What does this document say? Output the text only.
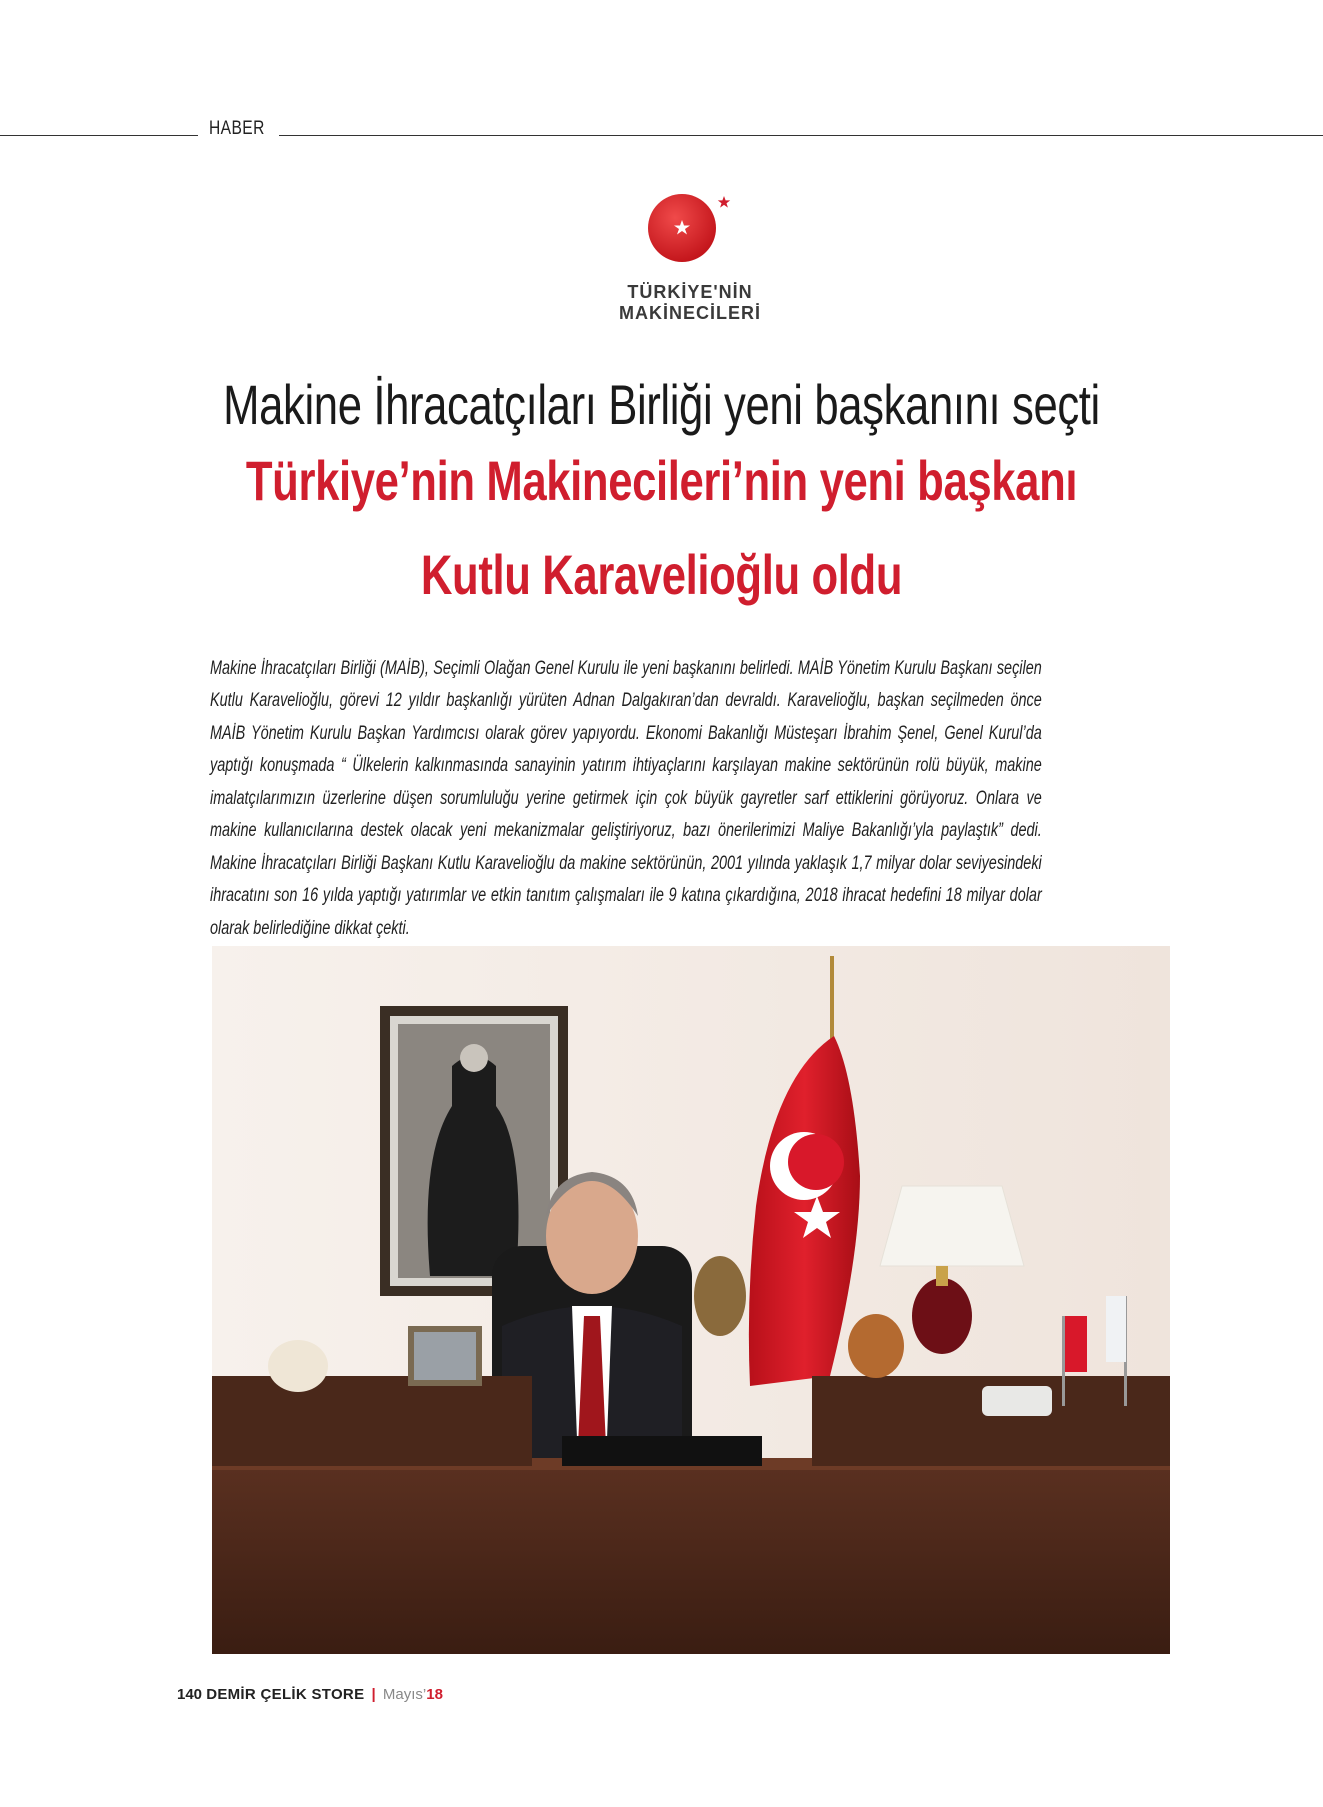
HABER
TÜRKİYE'NİN
MAKİNECİLERİ
Makine İhracatçıları Birliği yeni başkanını seçti
Türkiye’nin Makinecileri’nin yeni başkanı
Kutlu Karavelioğlu oldu

Makine İhracatçıları Birliği (MAİB), Seçimli Olağan Genel Kurulu ile yeni başkanını belirledi. MAİB Yönetim Kurulu Başkanı seçilen Kutlu Karavelioğlu, görevi 12 yıldır başkanlığı yürüten Adnan Dalgakıran’dan devraldı. Karavelioğlu, başkan seçilmeden önce MAİB Yönetim Kurulu Başkan Yardımcısı olarak görev yapıyordu. Ekonomi Bakanlığı Müsteşarı İbrahim Şenel, Genel Kurul’da yaptığı konuşmada “ Ülkelerin kalkınmasında sanayinin yatırım ihtiyaçlarını karşılayan makine sektörünün rolü büyük, makine imalatçılarımızın üzerlerine düşen sorumluluğu yerine getirmek için çok büyük gayretler sarf ettiklerini görüyoruz. Onlara ve makine kullanıcılarına destek olacak yeni mekanizmalar geliştiriyoruz, bazı önerilerimizi Maliye Bakanlığı’yla paylaştık” dedi. Makine İhracatçıları Birliği Başkanı Kutlu Karavelioğlu da makine sektörünün, 2001 yılında yaklaşık 1,7 milyar dolar seviyesindeki ihracatını son 16 yılda yaptığı yatırımlar ve etkin tanıtım çalışmaları ile 9 katına çıkardığına, 2018 ihracat hedefini 18 milyar dolar olarak belirlediğine dikkat çekti.

140 DEMİR ÇELİK STORE | Mayıs’18
